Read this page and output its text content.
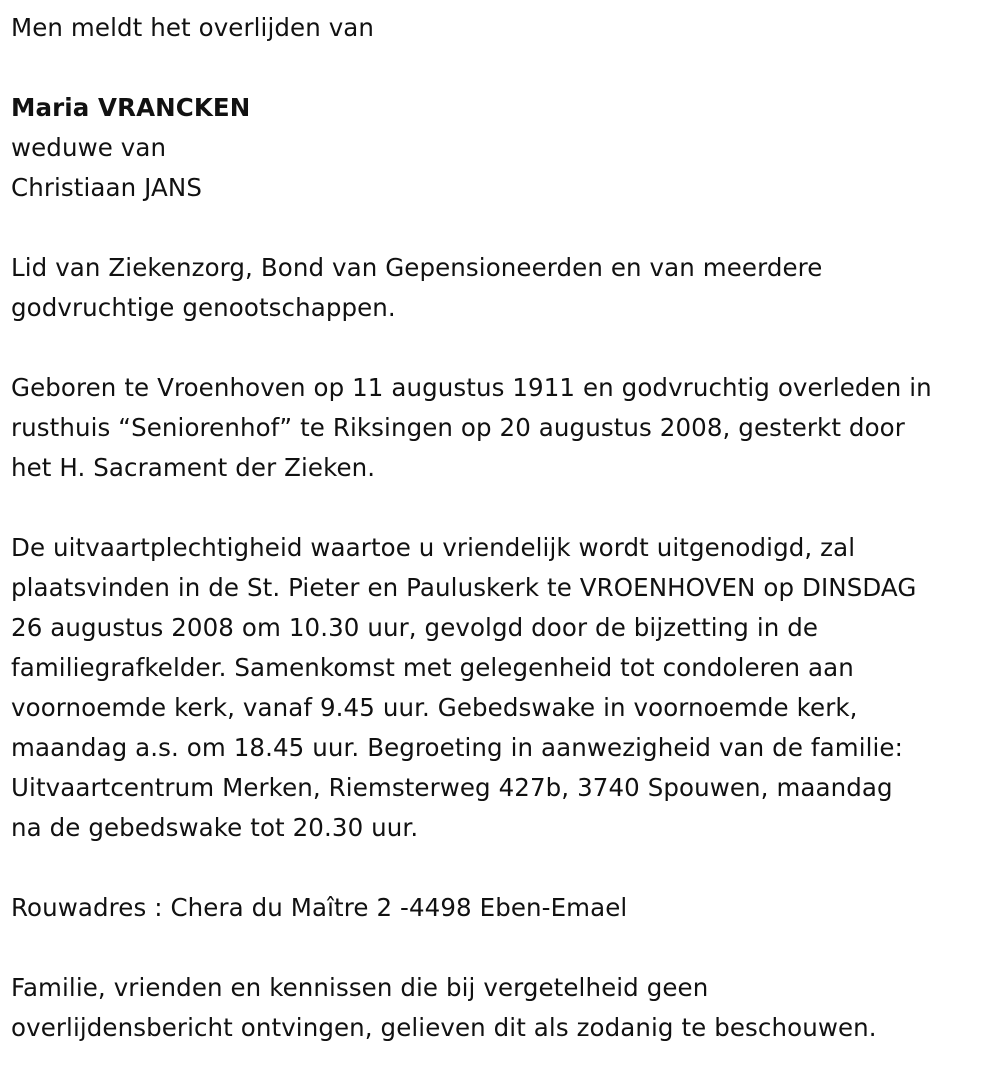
Men meldt het overlijden van
Maria VRANCKEN
weduwe van
Christiaan JANS
Lid van Ziekenzorg, Bond van Gepensioneerden en van meerdere
godvruchtige genootschappen.
Geboren te Vroenhoven op 11 augustus 1911 en godvruchtig overleden in
rusthuis “Seniorenhof” te Riksingen op 20 augustus 2008, gesterkt door
het H. Sacrament der Zieken.
De uitvaartplechtigheid waartoe u vriendelijk wordt uitgenodigd, zal
plaatsvinden in de St. Pieter en Pauluskerk te VROENHOVEN op DINSDAG
26 augustus 2008 om 10.30 uur, gevolgd door de bijzetting in de
familiegrafkelder. Samenkomst met gelegenheid tot condoleren aan
voornoemde kerk, vanaf 9.45 uur. Gebedswake in voornoemde kerk,
maandag a.s. om 18.45 uur. Begroeting in aanwezigheid van de familie:
Uitvaartcentrum Merken, Riemsterweg 427b, 3740 Spouwen, maandag
na de gebedswake tot 20.30 uur.
Rouwadres : Chera du Maître 2 -4498 Eben-Emael
Familie, vrienden en kennissen die bij vergetelheid geen
overlijdensbericht ontvingen, gelieven dit als zodanig te beschouwen.
